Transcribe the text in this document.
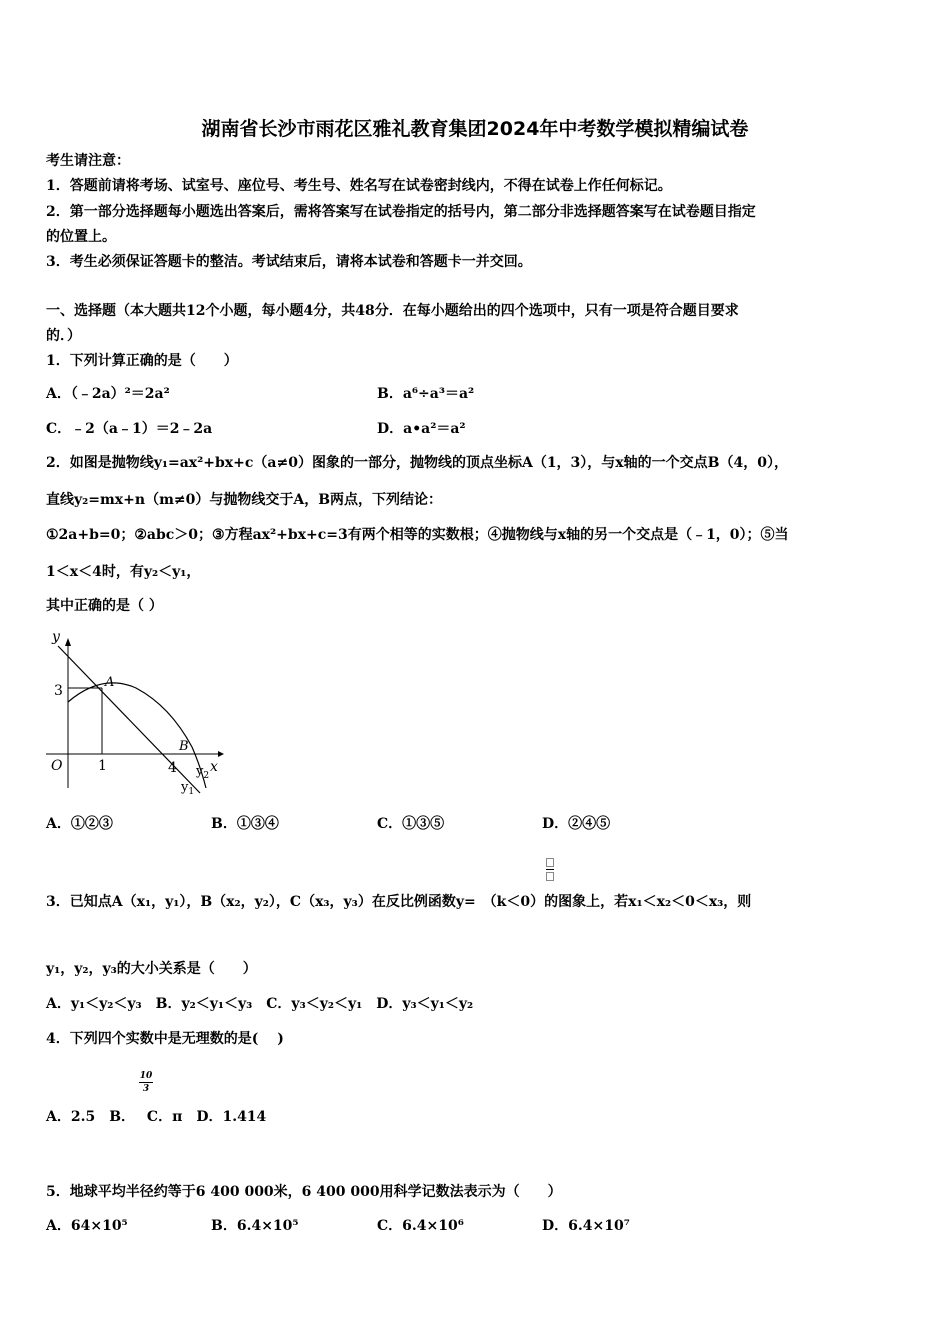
湖南省长沙市雨花区雅礼教育集团2024年中考数学模拟精编试卷
考生请注意：
1．答题前请将考场、试室号、座位号、考生号、姓名写在试卷密封线内，不得在试卷上作任何标记。
2．第一部分选择题每小题选出答案后，需将答案写在试卷指定的括号内，第二部分非选择题答案写在试卷题目指定
的位置上。
3．考生必须保证答题卡的整洁。考试结束后，请将本试卷和答题卡一并交回。
一、选择题（本大题共12个小题，每小题4分，共48分．在每小题给出的四个选项中，只有一项是符合题目要求
的．）
1．下列计算正确的是（　　）
A．（﹣2a）²＝2a²	B．a⁶÷a³＝a²
C．﹣2（a﹣1）＝2﹣2a	D．a•a²＝a²
2．如图是抛物线y₁=ax²+bx+c（a≠0）图象的一部分，抛物线的顶点坐标A（1，3），与x轴的一个交点B（4，0），
直线y₂=mx+n（m≠0）与抛物线交于A，B两点，下列结论：
①2a+b=0；②abc＞0；③方程ax²+bx+c=3有两个相等的实数根；④抛物线与x轴的另一个交点是（﹣1，0）；⑤当
1＜x＜4时，有y₂＜y₁，
其中正确的是（ ）
y
x
O
3
1	4
A
B
$y_2$
$y_1$
A．①②③	B．①③④	C．①③⑤	D．②④⑤
3．已知点A（x₁，y₁），B（x₂，y₂），C（x₃，y₃）在反比例函数y=　（k＜0）的图象上，若x₁＜x₂＜0＜x₃，则
y₁，y₂，y₃的大小关系是（　　）
A．y₁＜y₂＜y₃　B．y₂＜y₁＜y₃　C．y₃＜y₂＜y₁　D．y₃＜y₁＜y₂
4．下列四个实数中是无理数的是(　 )
10
3
A．2.5　B．　 C．π　D．1.414
5．地球平均半径约等于6 400 000米，6 400 000用科学记数法表示为（　　）
A．64×10⁵	B．6.4×10⁵	C．6.4×10⁶	D．6.4×10⁷
